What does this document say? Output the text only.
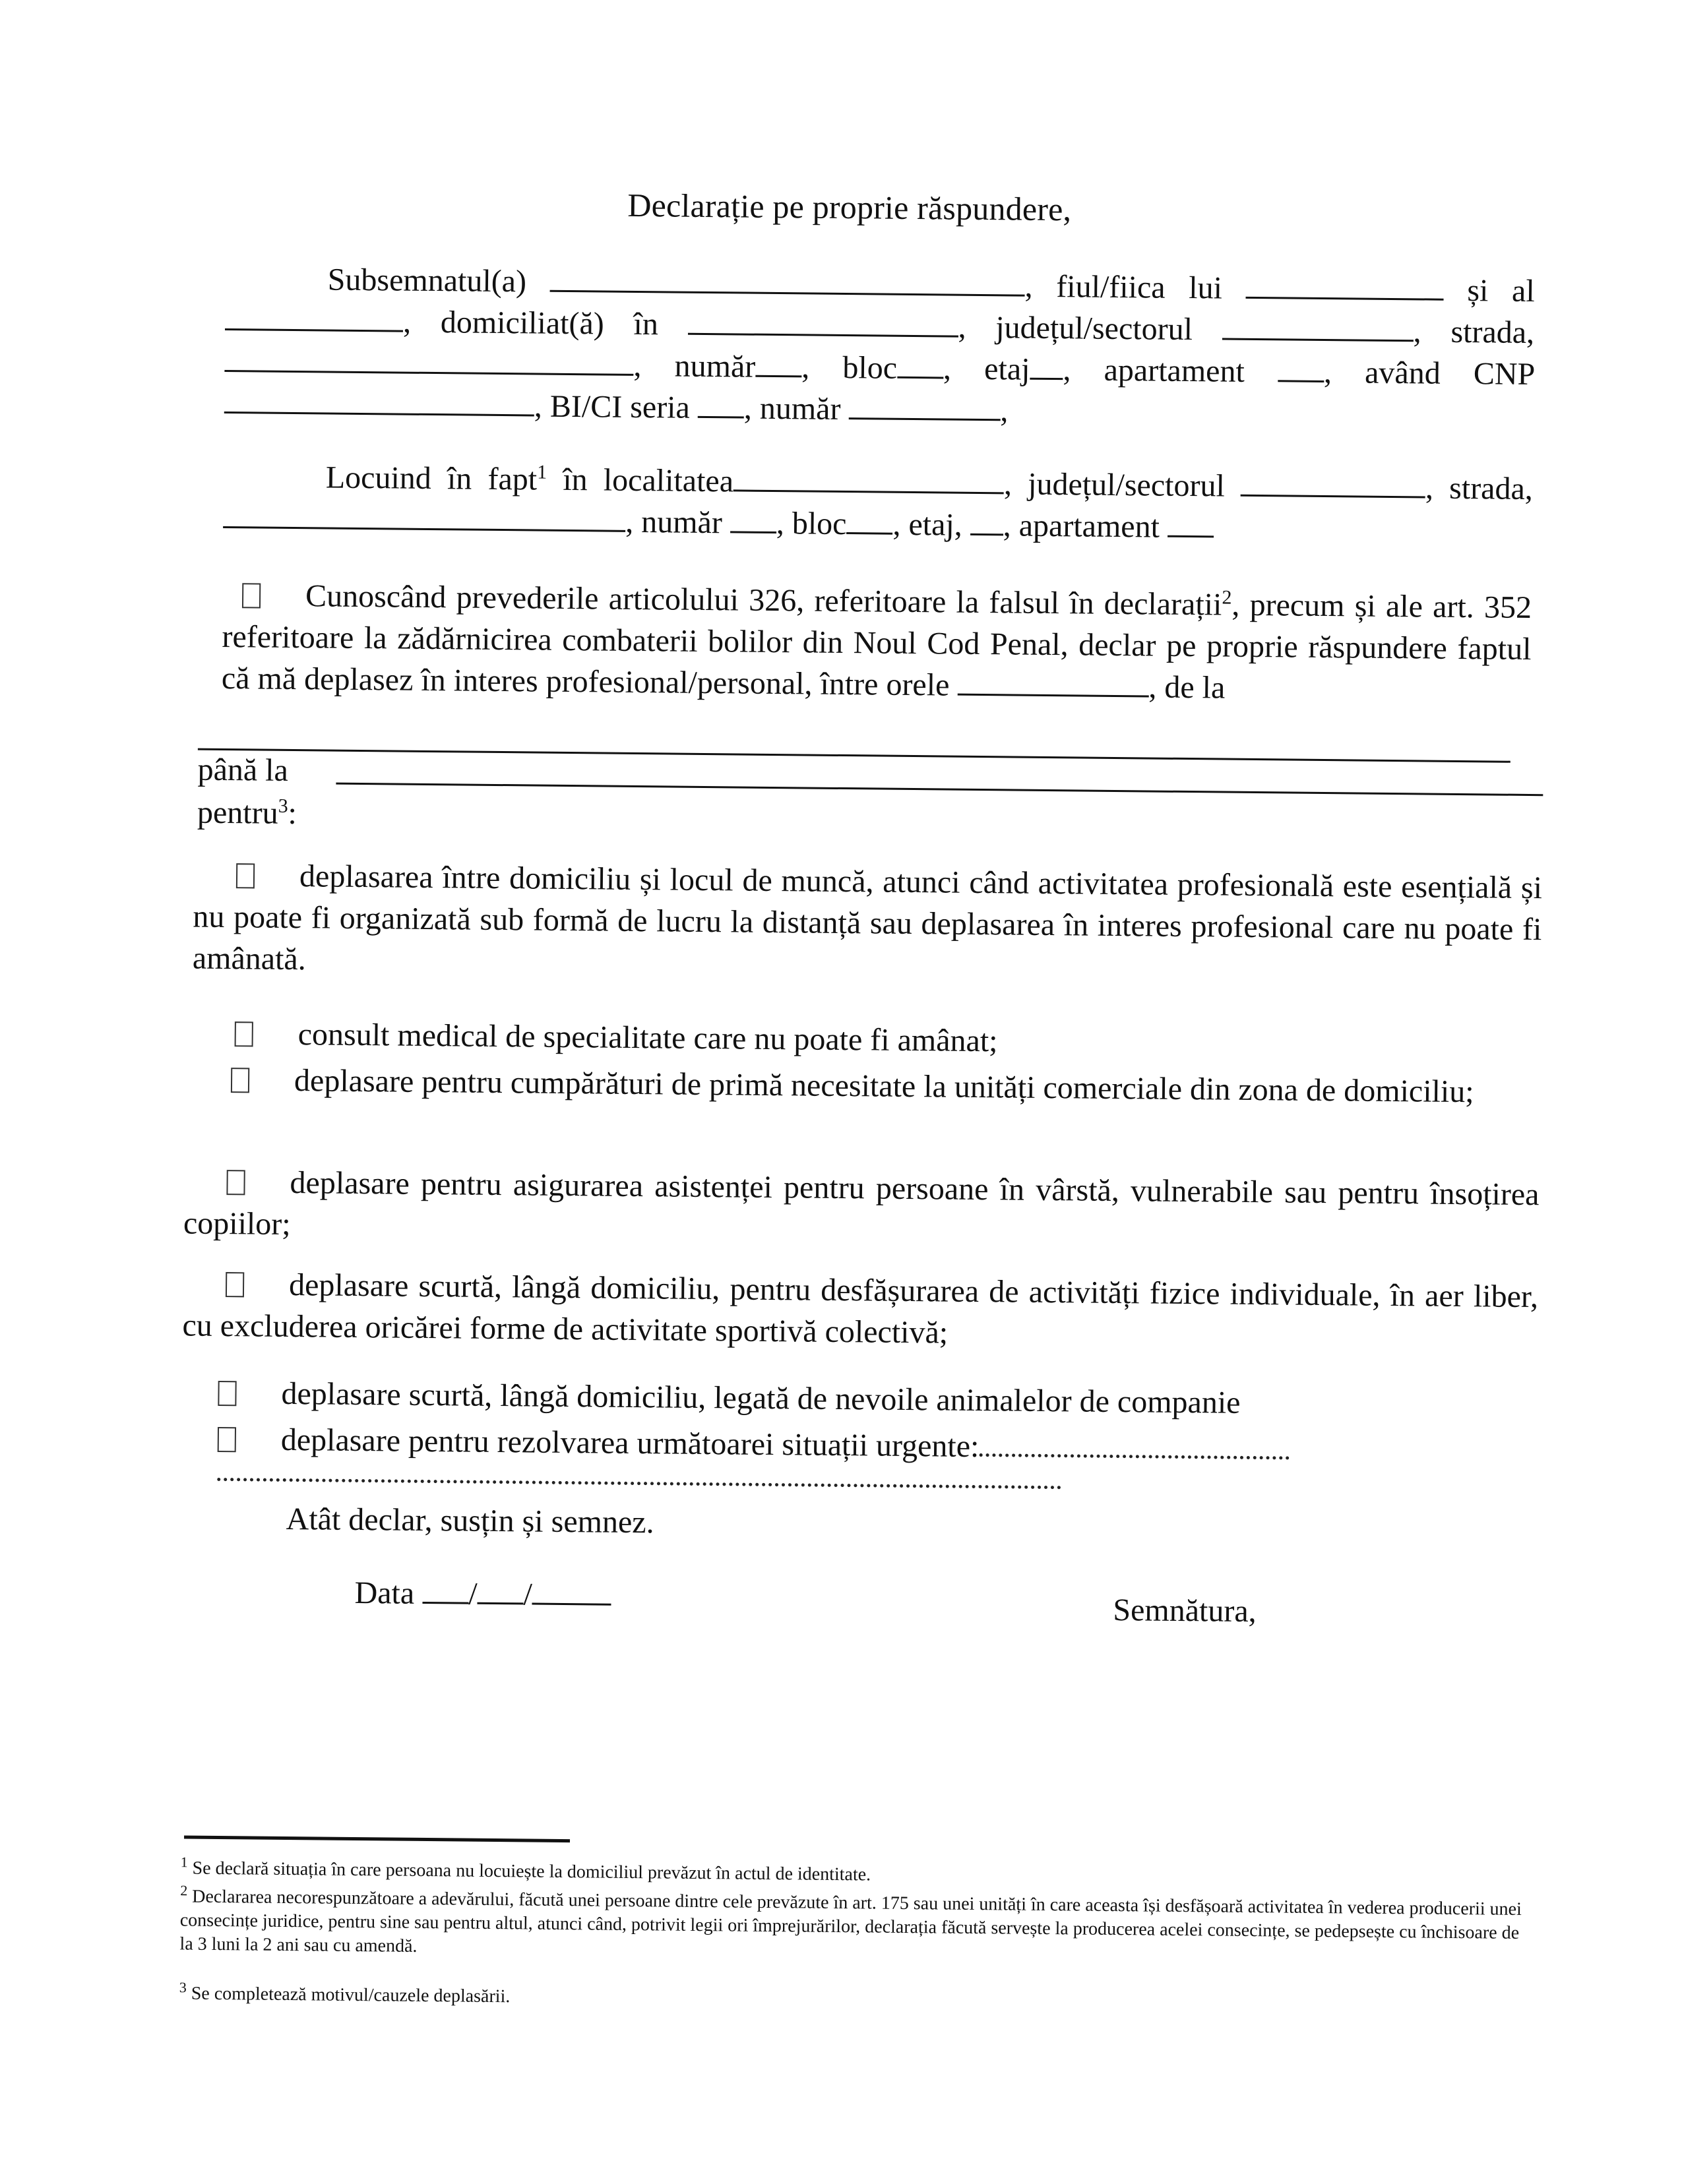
Declarație pe proprie răspundere,
Subsemnatul(a)	, fiul/fiica lui	și al , domiciliat(ă) în	, județul/sectorul	, strada, , număr , bloc , etaj , apartament , având CNP , BI/CI seria , număr	,
Locuind în fapt$^1$ în localitatea	, județul/sectorul	, strada, , număr , bloc , etaj, , apartament
Cunoscând prevederile articolului 326, referitoare la falsul în declarații$^2$, precum și ale art. 352 referitoare la zădărnicirea combaterii bolilor din Noul Cod Penal, declar pe proprie răspundere faptul că mă deplasez în interes profesional/personal, între orele	, de la
până la
pentru$^3$:
deplasarea între domiciliu și locul de muncă, atunci când activitatea profesională este esențială și nu poate fi organizată sub formă de lucru la distanță sau deplasarea în interes profesional care nu poate fi amânată.
consult medical de specialitate care nu poate fi amânat;
deplasare pentru cumpărături de primă necesitate la unități comerciale din zona de domiciliu;
deplasare pentru asigurarea asistenței pentru persoane în vârstă, vulnerabile sau pentru însoțirea copiilor;
deplasare scurtă, lângă domiciliu, pentru desfășurarea de activități fizice individuale, în aer liber, cu excluderea oricărei forme de activitate sportivă colectivă;
deplasare scurtă, lângă domiciliu, legată de nevoile animalelor de companie
deplasare pentru rezolvarea următoarei situații urgente:
Atât declar, susțin și semnez.
Data / /	Semnătura,
$^1$ Se declară situația în care persoana nu locuiește la domiciliul prevăzut în actul de identitate.
$^2$ Declararea necorespunzătoare a adevărului, făcută unei persoane dintre cele prevăzute în art. 175 sau unei unități în care aceasta își desfășoară activitatea în vederea producerii unei consecințe juridice, pentru sine sau pentru altul, atunci când, potrivit legii ori împrejurărilor, declarația făcută servește la producerea acelei consecințe, se pedepsește cu închisoare de la 3 luni la 2 ani sau cu amendă.
$^3$ Se completează motivul/cauzele deplasării.
